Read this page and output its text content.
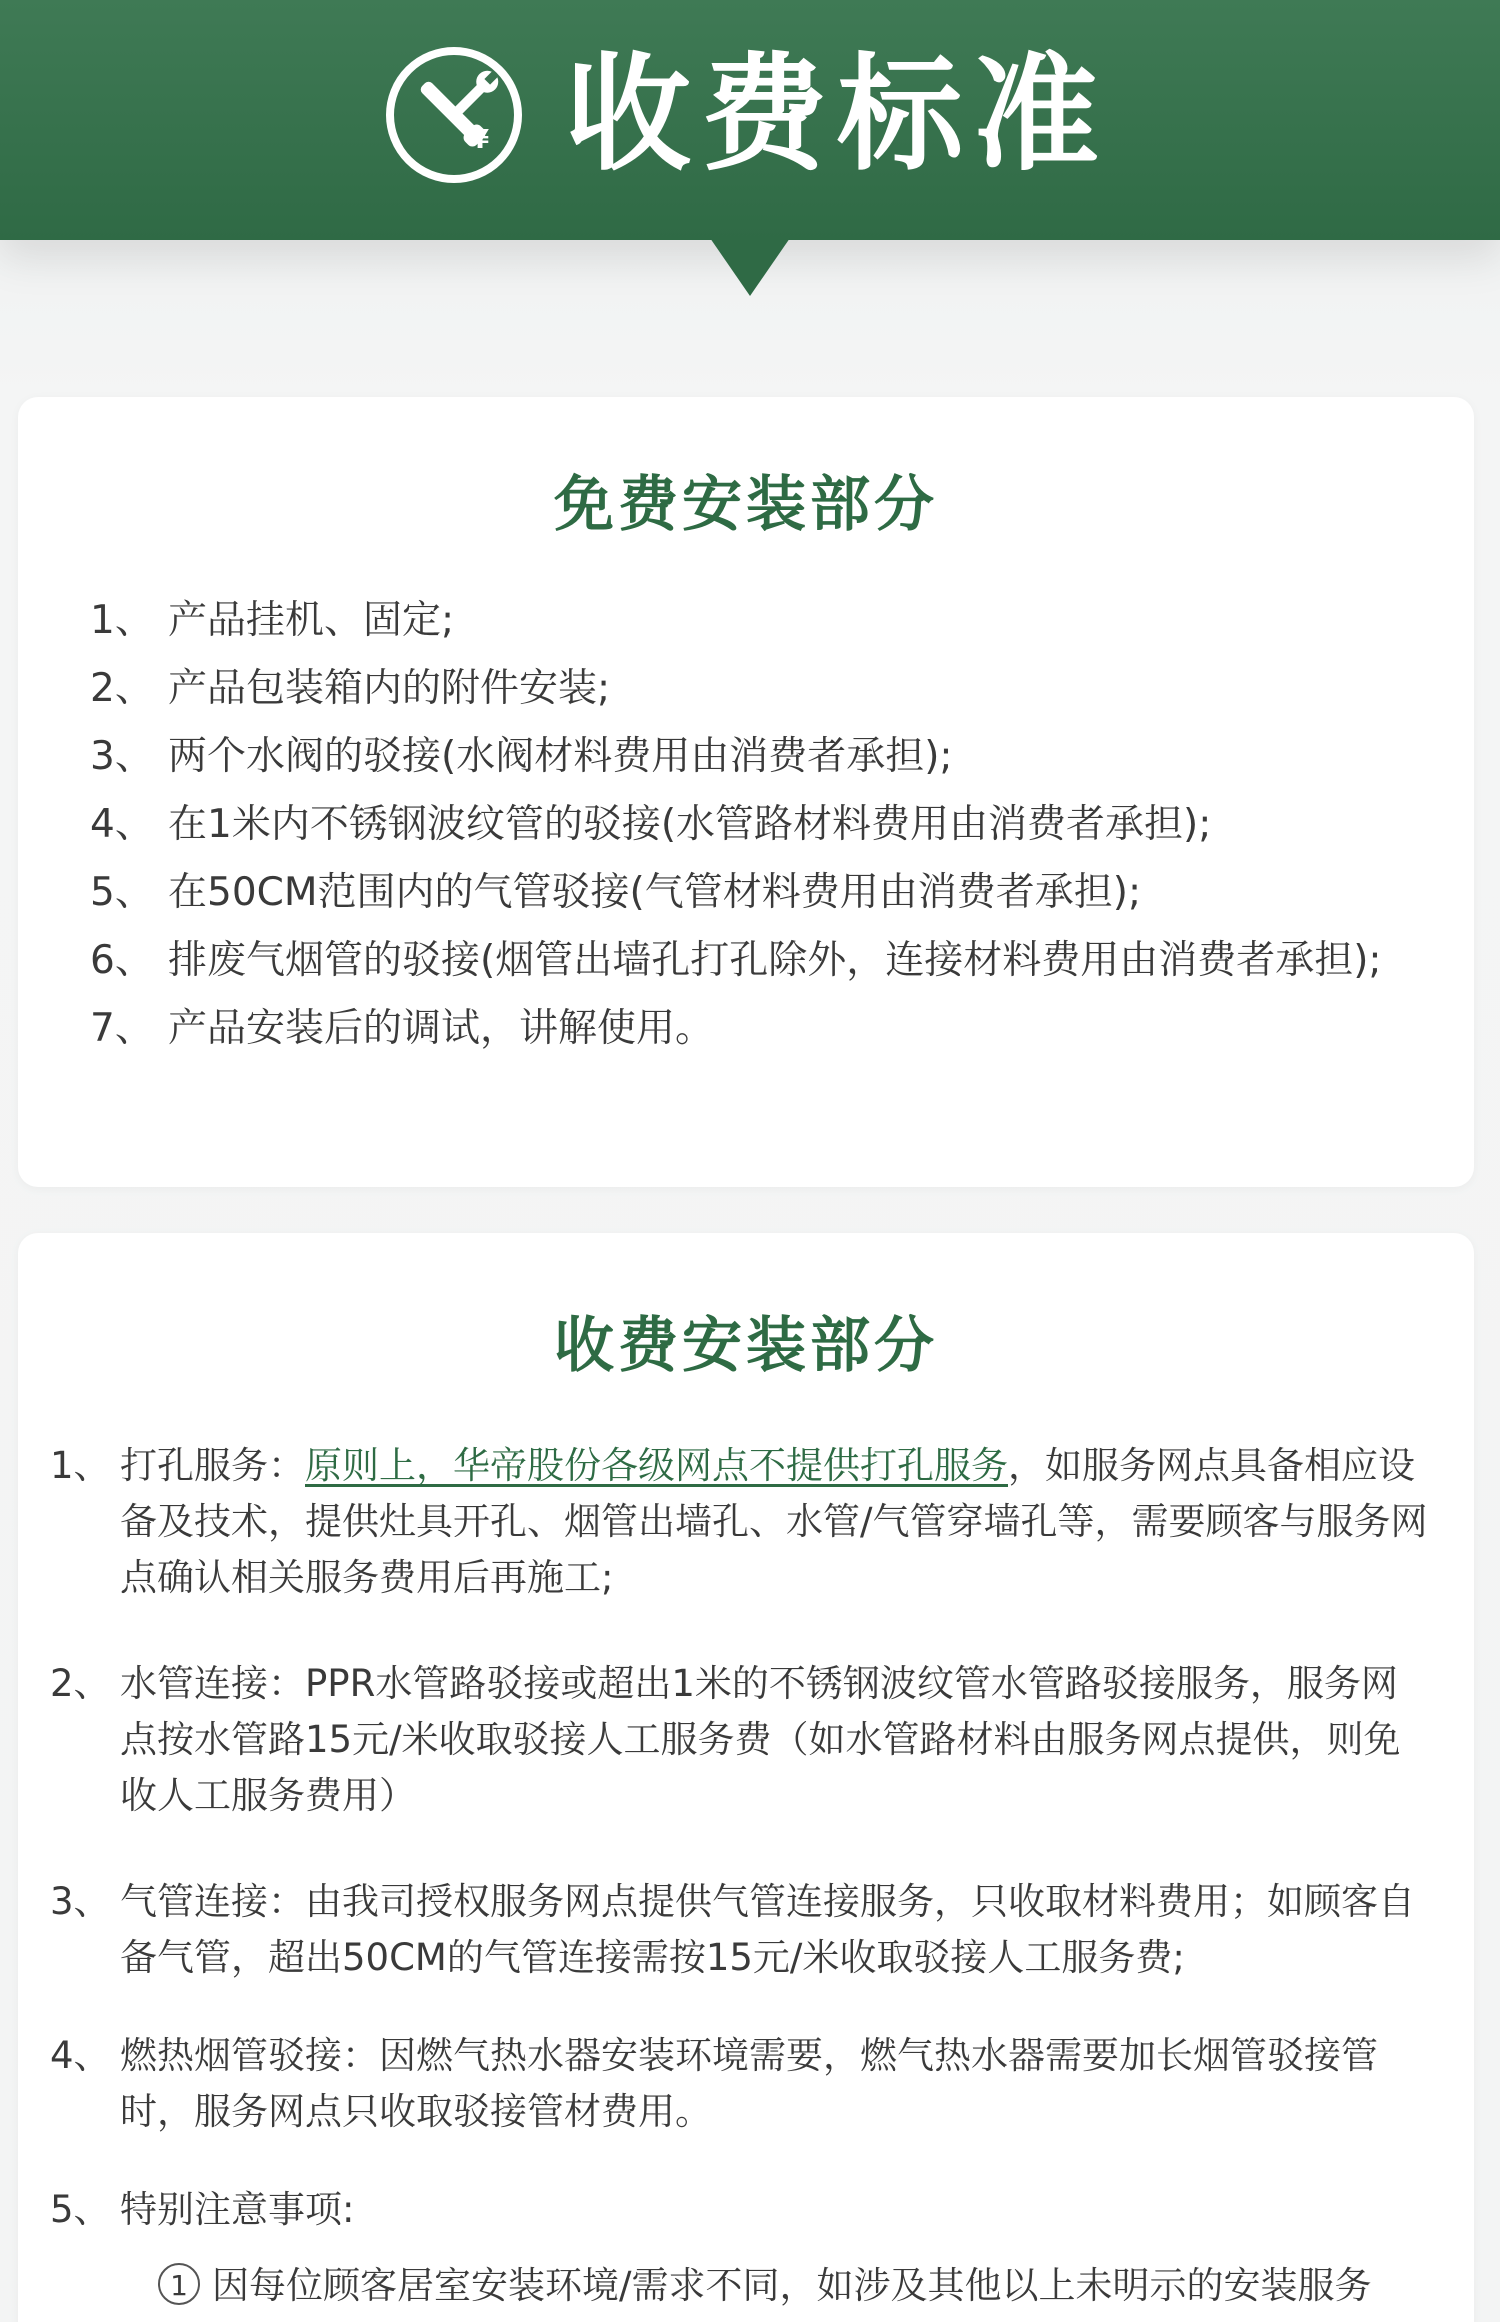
¥ 收费标准
免费安装部分
1、 产品挂机、固定;
2、 产品包装箱内的附件安装;
3、 两个水阀的驳接(水阀材料费用由消费者承担);
4、 在1米内不锈钢波纹管的驳接(水管路材料费用由消费者承担);
5、 在50CM范围内的气管驳接(气管材料费用由消费者承担);
6、 排废气烟管的驳接(烟管出墙孔打孔除外，连接材料费用由消费者承担);
7、 产品安装后的调试，讲解使用。
收费安装部分
1、 打孔服务：原则上，华帝股份各级网点不提供打孔服务，如服务网点具备相应设备及技术，提供灶具开孔、烟管出墙孔、水管/气管穿墙孔等，需要顾客与服务网点确认相关服务费用后再施工;
2、 水管连接：PPR水管路驳接或超出1米的不锈钢波纹管水管路驳接服务，服务网点按水管路15元/米收取驳接人工服务费（如水管路材料由服务网点提供，则免收人工服务费用）
3、 气管连接：由我司授权服务网点提供气管连接服务，只收取材料费用；如顾客自备气管，超出50CM的气管连接需按15元/米收取驳接人工服务费;
4、 燃热烟管驳接：因燃气热水器安装环境需要，燃气热水器需要加长烟管驳接管时，服务网点只收取驳接管材费用。
5、 特别注意事项:
1 因每位顾客居室安装环境/需求不同，如涉及其他以上未明示的安装服务
